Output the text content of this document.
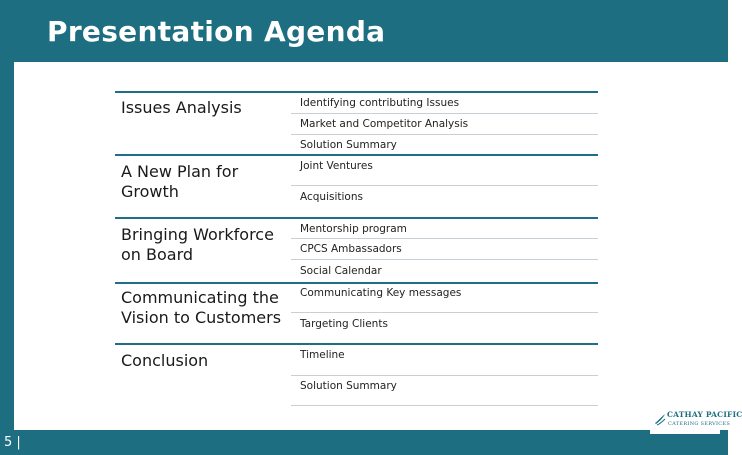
Presentation Agenda
Issues Analysis	Identifying contributing Issues
Market and Competitor Analysis
Solution Summary
A New Plan for Growth
Joint Ventures
Acquisitions
Bringing Workforce on Board
Mentorship program
CPCS Ambassadors
Social Calendar
Communicating the Vision to Customers
Communicating Key messages
Targeting Clients
Conclusion	Timeline
Solution Summary
5 |
CATHAY PACIFIC
CATERING SERVICES
